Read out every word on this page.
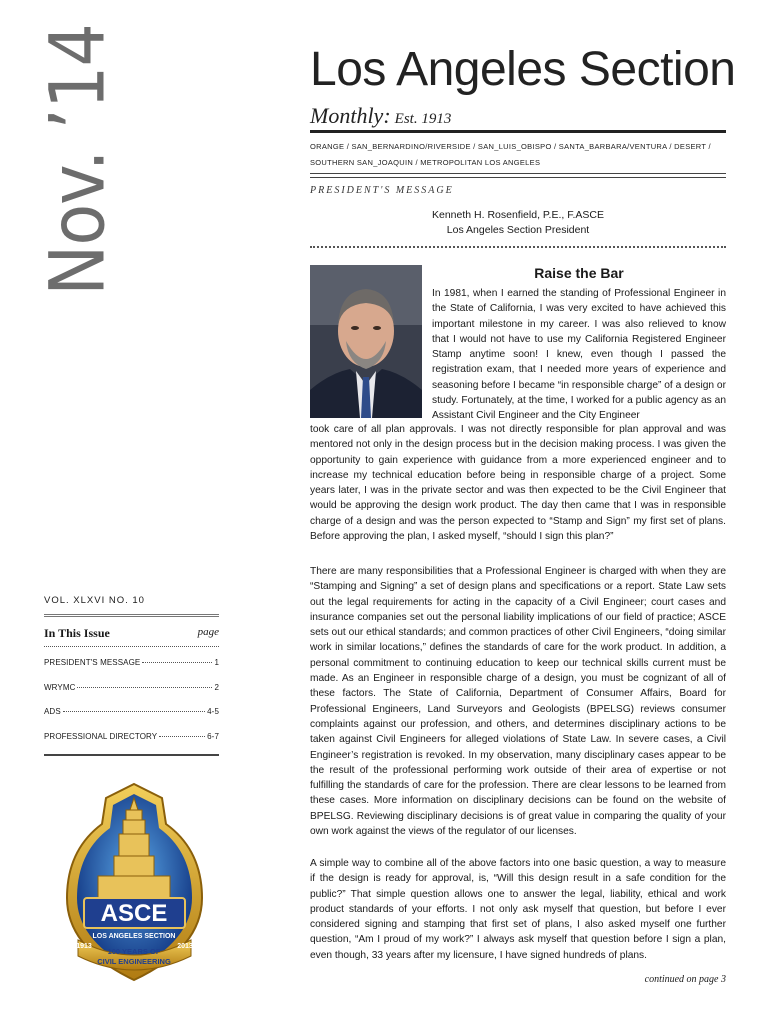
Nov. ’14	Los Angeles Section
Monthly: Est. 1913
ORANGE / SAN_BERNARDINO/RIVERSIDE / SAN_LUIS_OBISPO / SANTA_BARBARA/VENTURA / DESERT / SOUTHERN SAN_JOAQUIN / METROPOLITAN LOS ANGELES
PRESIDENT'S MESSAGE
Kenneth H. Rosenfield, P.E., F.ASCE
Los Angeles Section President
Raise the Bar

In 1981, when I earned the standing of Professional Engineer in the State of California, I was very excited to have achieved this important milestone in my career. I was also relieved to know that I would not have to use my California Registered Engineer Stamp anytime soon! I knew, even though I passed the registration exam, that I needed more years of experience and seasoning before I became “in responsible charge” of a design or study. Fortunately, at the time, I worked for a public agency as an Assistant Civil Engineer and the City Engineer

took care of all plan approvals. I was not directly responsible for plan approval and was mentored not only in the design process but in the decision making process. I was given the opportunity to gain experience with guidance from a more experienced engineer and to increase my technical education before being in responsible charge of a project. Some years later, I was in the private sector and was then expected to be the Civil Engineer that would be approving the design work product. The day then came that I was in responsible charge of a design and was the person expected to “Stamp and Sign” my first set of plans. Before approving the plan, I asked myself, “should I sign this plan?”

There are many responsibilities that a Professional Engineer is charged with when they are “Stamping and Signing” a set of design plans and specifications or a report. State Law sets out the legal requirements for acting in the capacity of a Civil Engineer; court cases and insurance companies set out the personal liability implications of our field of practice; ASCE sets out our ethical standards; and common practices of other Civil Engineers, “doing similar work in similar locations,” defines the standards of care for the work product. In addition, a personal commitment to continuing education to keep our technical skills current must be made. As an Engineer in responsible charge of a design, you must be cognizant of all of these factors. The State of California, Department of Consumer Affairs, Board for Professional Engineers, Land Surveyors and Geologists (BPELSG) reviews consumer complaints against our profession, and others, and determines disciplinary actions to be taken against Civil Engineers for alleged violations of State Law. In severe cases, a Civil Engineer’s registration is revoked. In my observation, many disciplinary cases appear to be the result of the professional performing work outside of their area of expertise or not fulfilling the standards of care for the profession. There are clear lessons to be learned from these cases. More information on disciplinary decisions can be found on the website of BPELSG. Reviewing disciplinary decisions is of great value in comparing the quality of your own work against the views of the regulator of our licenses.

A simple way to combine all of the above factors into one basic question, a way to measure if the design is ready for approval, is, “Will this design result in a safe condition for the public?” That simple question allows one to answer the legal, liability, ethical and work product standards of your efforts. I not only ask myself that question, but before I ever considered signing and stamping that first set of plans, I also asked myself one further question, “Am I proud of my work?” I always ask myself that question before I sign a plan, even though, 33 years after my licensure, I have signed hundreds of plans.

continued on page 3
VOL. XLXVI NO. 10
In This Issue	page
PRESIDENT'S MESSAGE	1
WRYMC	2
ADS	4-5
PROFESSIONAL DIRECTORY	6-7
ASCE
LOS ANGELES SECTION
100 YEARS OF
CIVIL ENGINEERING
1913	2013
